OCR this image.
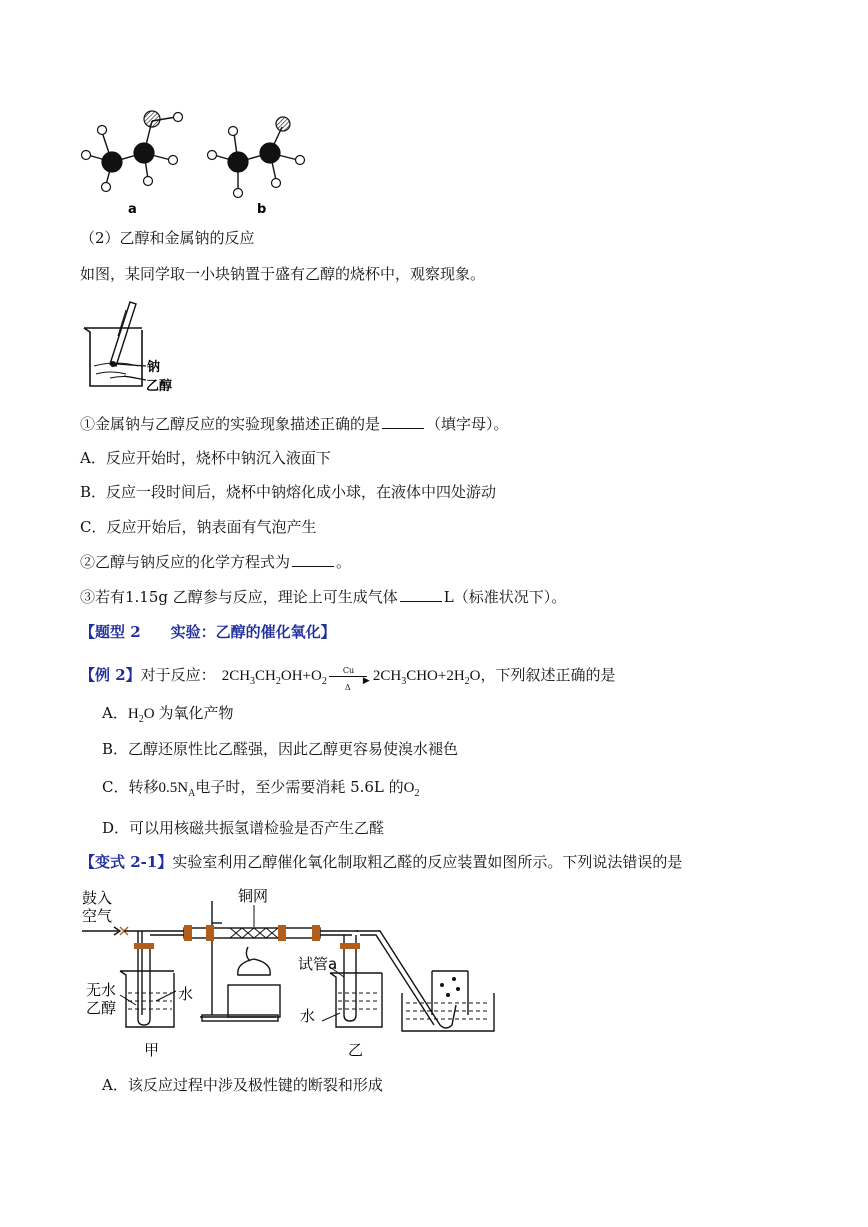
a	b
（2）乙醇和金属钠的反应
如图，某同学取一小块钠置于盛有乙醇的烧杯中，观察现象。
钠
乙醇
①金属钠与乙醇反应的实验现象描述正确的是	（填字母）。
A．反应开始时，烧杯中钠沉入液面下
B．反应一段时间后，烧杯中钠熔化成小球，在液体中四处游动
C．反应开始后，钠表面有气泡产生
②乙醇与钠反应的化学方程式为	。
③若有1.15g 乙醇参与反应，理论上可生成气体	L（标准状况下）。
【题型 2 实验：乙醇的催化氧化】
【例 2】对于反应： $2CH_3CH_2OH+O_2$
Cu
▶
Δ
$2CH_3CHO+2H_2O$，下列叙述正确的是
A．$H_2O$ 为氧化产物
B．乙醇还原性比乙醛强，因此乙醇更容易使溴水褪色
C．转移$0.5N_A$电子时，至少需要消耗 5.6L 的$O_2$
D．可以用核磁共振氢谱检验是否产生乙醛
【变式 2-1】实验室利用乙醇催化氧化制取粗乙醛的反应装置如图所示。下列说法错误的是
鼓入
空气
铜网
无水
乙醇
水
试管a
水
甲	乙
A．该反应过程中涉及极性键的断裂和形成
